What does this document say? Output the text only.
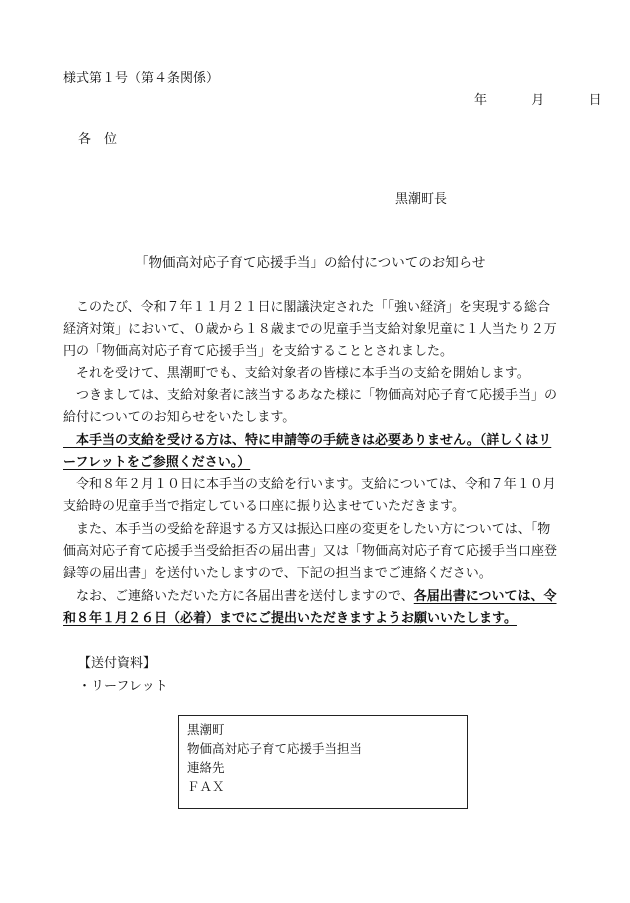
様式第１号（第４条関係）
年	月	日
各　位
黒潮町長
「物価高対応子育て応援手当」の給付についてのお知らせ
　このたび、令和７年１１月２１日に閣議決定された「「強い経済」を実現する総合
経済対策」において、０歳から１８歳までの児童手当支給対象児童に１人当たり２万
円の「物価高対応子育て応援手当」を支給することとされました。
　それを受けて、黒潮町でも、支給対象者の皆様に本手当の支給を開始します。
　つきましては、支給対象者に該当するあなた様に「物価高対応子育て応援手当」の
給付についてのお知らせをいたします。
　本手当の支給を受ける方は、特に申請等の手続きは必要ありません。（詳しくはリ
ーフレットをご参照ください。）
　令和８年２月１０日に本手当の支給を行います。支給については、令和７年１０月
支給時の児童手当で指定している口座に振り込ませていただきます。
　また、本手当の受給を辞退する方又は振込口座の変更をしたい方については、「物
価高対応子育て応援手当受給拒否の届出書」又は「物価高対応子育て応援手当口座登
録等の届出書」を送付いたしますので、下記の担当までご連絡ください。
　なお、ご連絡いただいた方に各届出書を送付しますので、各届出書については、令
和８年１月２６日（必着）までにご提出いただきますようお願いいたします。
【送付資料】
・リーフレット
黒潮町
物価高対応子育て応援手当担当
連絡先
ＦＡＸ
